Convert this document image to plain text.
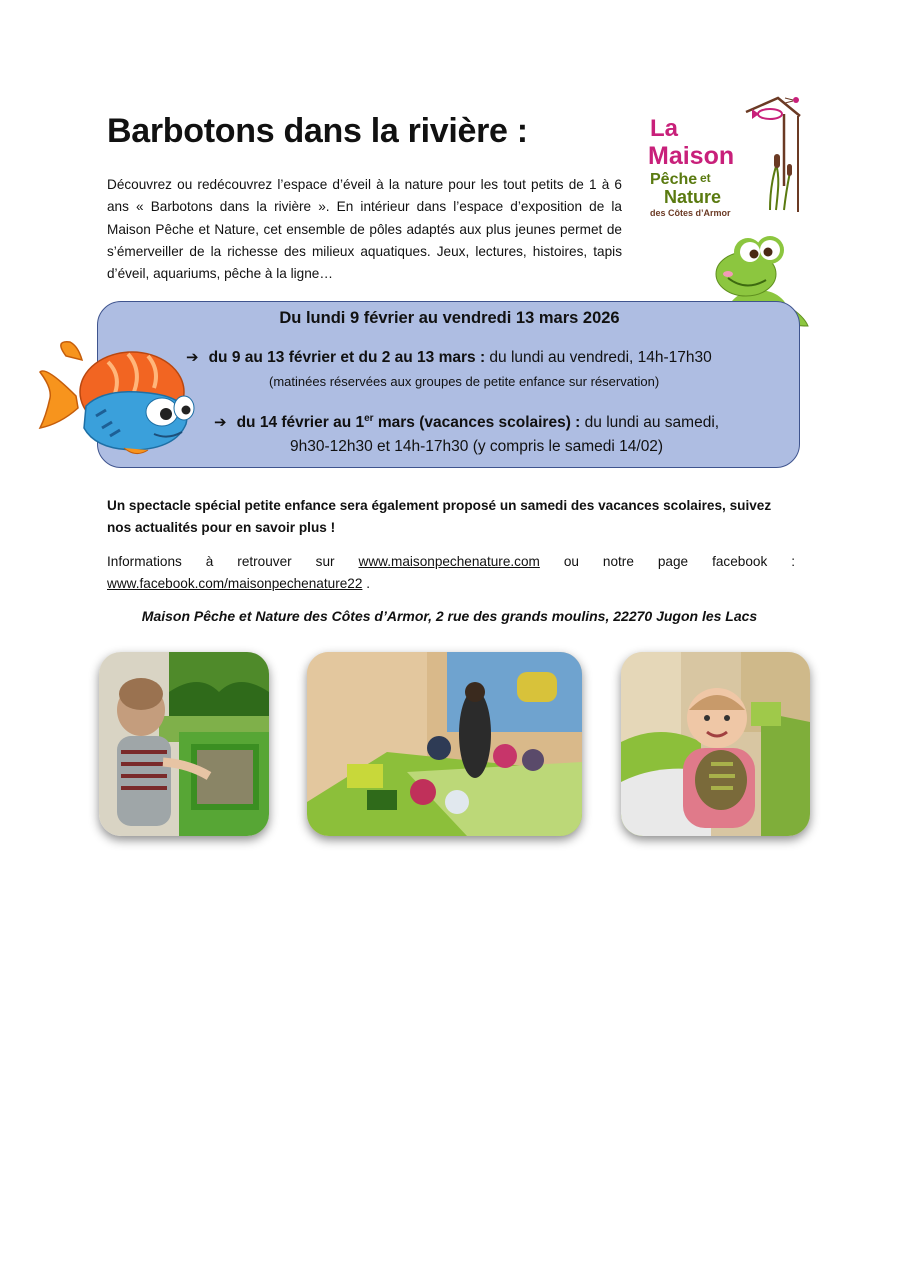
Barbotons dans la rivière :

Découvrez ou redécouvrez l’espace d’éveil à la nature pour les tout petits de 1 à 6 ans « Barbotons dans la rivière ». En intérieur dans l’espace d’exposition de la Maison Pêche et Nature, cet ensemble de pôles adaptés aux plus jeunes permet de s’émerveiller de la richesse des milieux aquatiques. Jeux, lectures, histoires, tapis d’éveil, aquariums, pêche à la ligne…

La
Maison
Pêche et
Nature
des Côtes d’Armor

Du lundi 9 février au vendredi 13 mars 2026

➔ du 9 au 13 février et du 2 au 13 mars : du lundi au vendredi, 14h-17h30

(matinées réservées aux groupes de petite enfance sur réservation)

➔ du 14 février au 1er mars (vacances scolaires) : du lundi au samedi,

9h30-12h30 et 14h-17h30 (y compris le samedi 14/02)

Un spectacle spécial petite enfance sera également proposé un samedi des vacances scolaires, suivez nos actualités pour en savoir plus !

Informations à retrouver sur www.maisonpechenature.com ou notre page facebook :

www.facebook.com/maisonpechenature22 .

Maison Pêche et Nature des Côtes d’Armor, 2 rue des grands moulins, 22270 Jugon les Lacs
